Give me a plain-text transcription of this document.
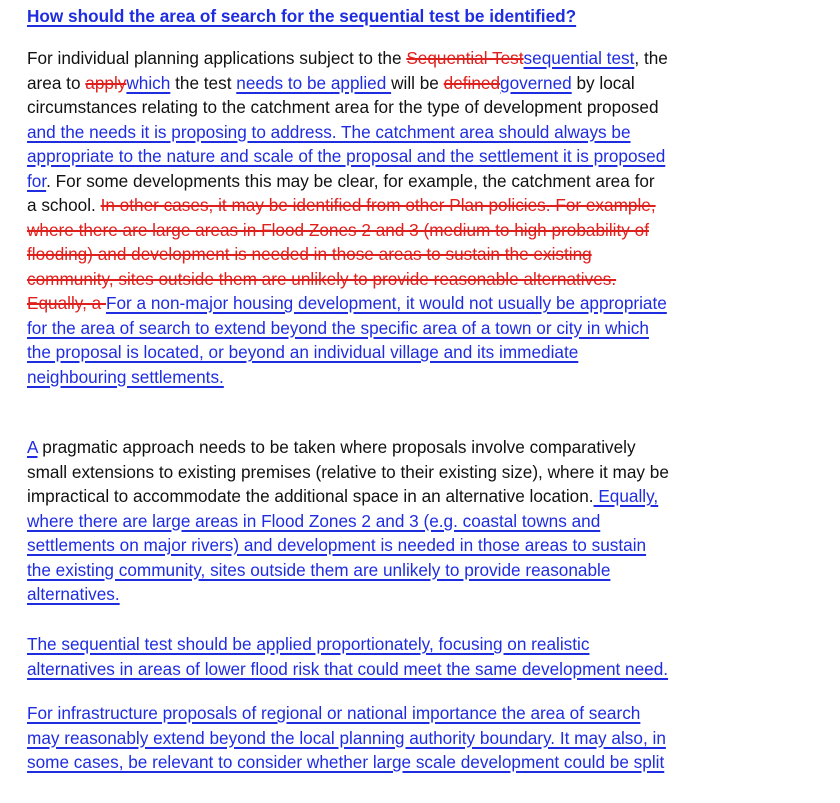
How should the area of search for the sequential test be identified?
For individual planning applications subject to the Sequential Testsequential test, the
area to applywhich the test needs to be applied will be definedgoverned by local
circumstances relating to the catchment area for the type of development proposed
and the needs it is proposing to address. The catchment area should always be
appropriate to the nature and scale of the proposal and the settlement it is proposed
for. For some developments this may be clear, for example, the catchment area for
a school. In other cases, it may be identified from other Plan policies. For example,
where there are large areas in Flood Zones 2 and 3 (medium to high probability of
flooding) and development is needed in those areas to sustain the existing
community, sites outside them are unlikely to provide reasonable alternatives.
Equally, a For a non-major housing development, it would not usually be appropriate
for the area of search to extend beyond the specific area of a town or city in which
the proposal is located, or beyond an individual village and its immediate
neighbouring settlements.
A pragmatic approach needs to be taken where proposals involve comparatively
small extensions to existing premises (relative to their existing size), where it may be
impractical to accommodate the additional space in an alternative location. Equally,
where there are large areas in Flood Zones 2 and 3 (e.g. coastal towns and
settlements on major rivers) and development is needed in those areas to sustain
the existing community, sites outside them are unlikely to provide reasonable
alternatives.
The sequential test should be applied proportionately, focusing on realistic
alternatives in areas of lower flood risk that could meet the same development need.
For infrastructure proposals of regional or national importance the area of search
may reasonably extend beyond the local planning authority boundary. It may also, in
some cases, be relevant to consider whether large scale development could be split
